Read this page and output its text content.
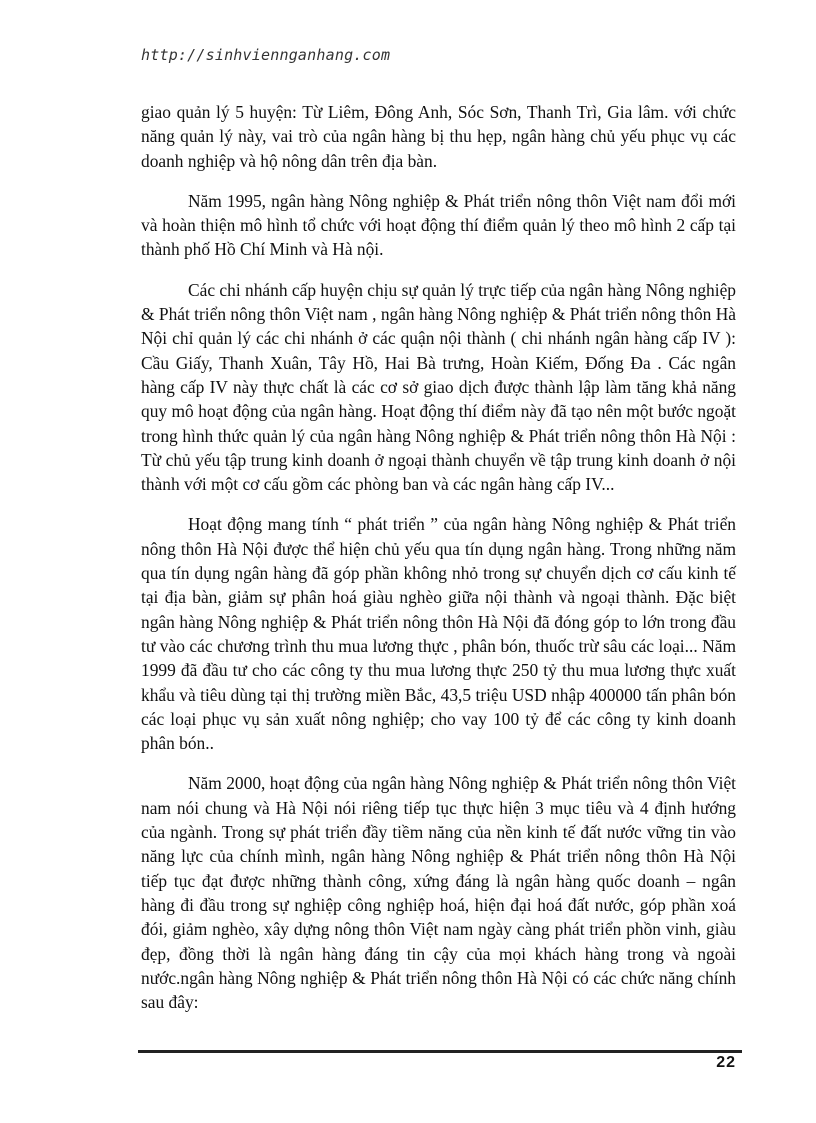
http://sinhviennganhang.com

giao quản lý 5 huyện: Từ Liêm, Đông Anh, Sóc Sơn, Thanh Trì, Gia lâm. với chức năng quản lý này, vai trò của ngân hàng bị thu hẹp, ngân hàng chủ yếu phục vụ các doanh nghiệp và hộ nông dân trên địa bàn.

Năm 1995, ngân hàng Nông nghiệp & Phát triển nông thôn Việt nam đổi mới và hoàn thiện mô hình tổ chức với hoạt động thí điểm quản lý theo mô hình 2 cấp tại thành phố Hồ Chí Minh và Hà nội.

Các chi nhánh cấp huyện chịu sự quản lý trực tiếp của ngân hàng Nông nghiệp & Phát triển nông thôn Việt nam , ngân hàng Nông nghiệp & Phát triển nông thôn Hà Nội chỉ quản lý các chi nhánh ở các quận nội thành ( chi nhánh ngân hàng cấp IV ): Cầu Giấy, Thanh Xuân, Tây Hồ, Hai Bà trưng, Hoàn Kiếm, Đống Đa . Các ngân hàng cấp IV này thực chất là các cơ sở giao dịch được thành lập làm tăng khả năng quy mô hoạt động của ngân hàng. Hoạt động thí điểm này đã tạo nên một bước ngoặt trong hình thức quản lý của ngân hàng Nông nghiệp & Phát triển nông thôn Hà Nội : Từ chủ yếu tập trung kinh doanh ở ngoại thành chuyển về tập trung kinh doanh ở nội thành với một cơ cấu gồm các phòng ban và các ngân hàng cấp IV...

Hoạt động mang tính “ phát triển ” của ngân hàng Nông nghiệp & Phát triển nông thôn Hà Nội được thể hiện chủ yếu qua tín dụng ngân hàng. Trong những năm qua tín dụng ngân hàng đã góp phần không nhỏ trong sự chuyển dịch cơ cấu kinh tế tại địa bàn, giảm sự phân hoá giàu nghèo giữa nội thành và ngoại thành. Đặc biệt ngân hàng Nông nghiệp & Phát triển nông thôn Hà Nội đã đóng góp to lớn trong đầu tư vào các chương trình thu mua lương thực , phân bón, thuốc trừ sâu các loại... Năm 1999 đã đầu tư cho các công ty thu mua lương thực 250 tỷ thu mua lương thực xuất khẩu và tiêu dùng tại thị trường miền Bắc, 43,5 triệu USD nhập 400000 tấn phân bón các loại phục vụ sản xuất nông nghiệp; cho vay 100 tỷ để các công ty kinh doanh phân bón..

Năm 2000, hoạt động của ngân hàng Nông nghiệp & Phát triển nông thôn Việt nam nói chung và Hà Nội nói riêng tiếp tục thực hiện 3 mục tiêu và 4 định hướng của ngành. Trong sự phát triển đầy tiềm năng của nền kinh tế đất nước vững tin vào năng lực của chính mình, ngân hàng Nông nghiệp & Phát triển nông thôn Hà Nội tiếp tục đạt được những thành công, xứng đáng là ngân hàng quốc doanh – ngân hàng đi đầu trong sự nghiệp công nghiệp hoá, hiện đại hoá đất nước, góp phần xoá đói, giảm nghèo, xây dựng nông thôn Việt nam ngày càng phát triển phồn vinh, giàu đẹp, đồng thời là ngân hàng đáng tin cậy của mọi khách hàng trong và ngoài nước.ngân hàng Nông nghiệp & Phát triển nông thôn Hà Nội có các chức năng chính sau đây:

22
